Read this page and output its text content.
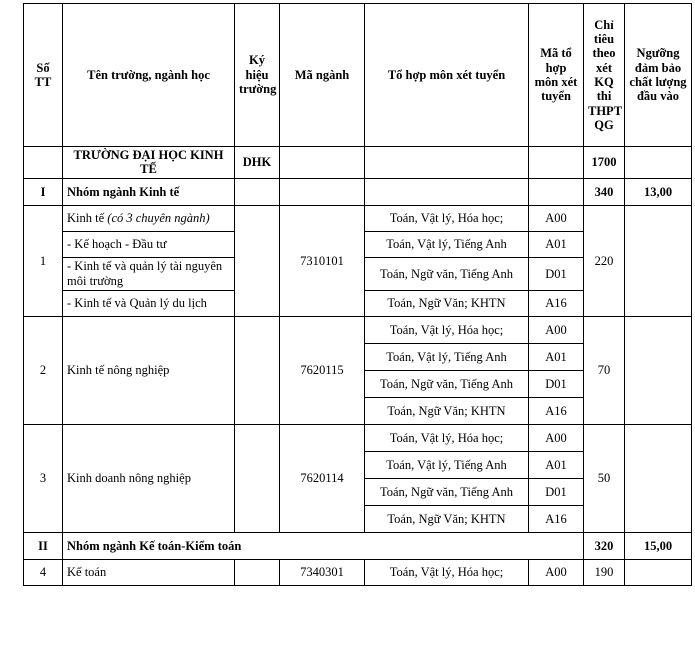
Số TT	Tên trường, ngành học	Ký hiệu trường	Mã ngành	Tổ hợp môn xét tuyển	Mã tổ hợp môn xét tuyển	Chỉ tiêu theo xét KQ thi THPT QG	Ngưỡng đảm bảo chất lượng đầu vào
	TRƯỜNG ĐẠI HỌC KINH TẾ	DHK				1700	
I	Nhóm ngành Kinh tế					340	13,00
1	Kinh tế (có 3 chuyên ngành)		7310101	Toán, Vật lý, Hóa học;	A00	220	
	- Kế hoạch - Đầu tư			Toán, Vật lý, Tiếng Anh	A01		
	- Kinh tế và quản lý tài nguyên môi trường			Toán, Ngữ văn, Tiếng Anh	D01		
	- Kinh tế và Quản lý du lịch			Toán, Ngữ Văn; KHTN	A16		
2	Kinh tế nông nghiệp		7620115	Toán, Vật lý, Hóa học;	A00	70	
				Toán, Vật lý, Tiếng Anh	A01		
				Toán, Ngữ văn, Tiếng Anh	D01		
				Toán, Ngữ Văn; KHTN	A16		
3	Kinh doanh nông nghiệp		7620114	Toán, Vật lý, Hóa học;	A00	50	
				Toán, Vật lý, Tiếng Anh	A01		
				Toán, Ngữ văn, Tiếng Anh	D01		
				Toán, Ngữ Văn; KHTN	A16		
II	Nhóm ngành Kế toán-Kiểm toán					320	15,00
4	Kế toán		7340301	Toán, Vật lý, Hóa học;	A00	190	
